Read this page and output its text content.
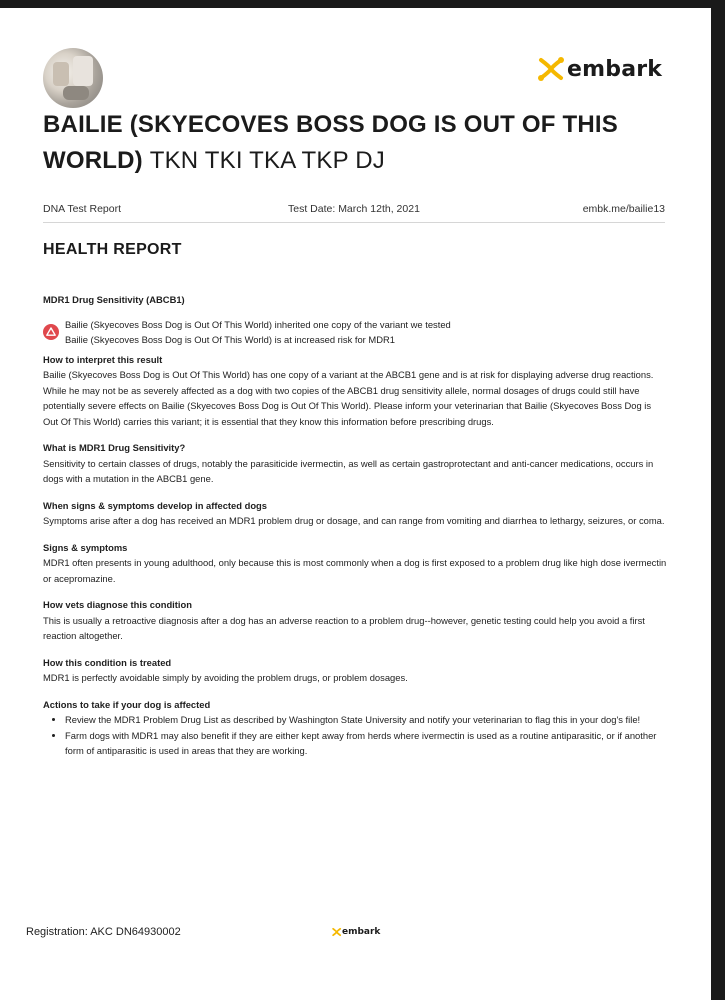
embark
BAILIE (SKYECOVES BOSS DOG IS OUT OF THIS WORLD) TKN TKI TKA TKP DJ
DNA Test Report	Test Date: March 12th, 2021	embk.me/bailie13
HEALTH REPORT
MDR1 Drug Sensitivity (ABCB1)
Bailie (Skyecoves Boss Dog is Out Of This World) inherited one copy of the variant we tested
Bailie (Skyecoves Boss Dog is Out Of This World) is at increased risk for MDR1
How to interpret this result
Bailie (Skyecoves Boss Dog is Out Of This World) has one copy of a variant at the ABCB1 gene and is at risk for displaying adverse drug reactions. While he may not be as severely affected as a dog with two copies of the ABCB1 drug sensitivity allele, normal dosages of drugs could still have potentially severe effects on Bailie (Skyecoves Boss Dog is Out Of This World). Please inform your veterinarian that Bailie (Skyecoves Boss Dog is Out Of This World) carries this variant; it is essential that they know this information before prescribing drugs.
What is MDR1 Drug Sensitivity?
Sensitivity to certain classes of drugs, notably the parasiticide ivermectin, as well as certain gastroprotectant and anti-cancer medications, occurs in dogs with a mutation in the ABCB1 gene.
When signs & symptoms develop in affected dogs
Symptoms arise after a dog has received an MDR1 problem drug or dosage, and can range from vomiting and diarrhea to lethargy, seizures, or coma.
Signs & symptoms
MDR1 often presents in young adulthood, only because this is most commonly when a dog is first exposed to a problem drug like high dose ivermectin or acepromazine.
How vets diagnose this condition
This is usually a retroactive diagnosis after a dog has an adverse reaction to a problem drug--however, genetic testing could help you avoid a first reaction altogether.
How this condition is treated
MDR1 is perfectly avoidable simply by avoiding the problem drugs, or problem dosages.
Actions to take if your dog is affected
• Review the MDR1 Problem Drug List as described by Washington State University and notify your veterinarian to flag this in your dog's file!
• Farm dogs with MDR1 may also benefit if they are either kept away from herds where ivermectin is used as a routine antiparasitic, or if another form of antiparasitic is used in areas that they are working.
Registration: AKC DN64930002	embark
